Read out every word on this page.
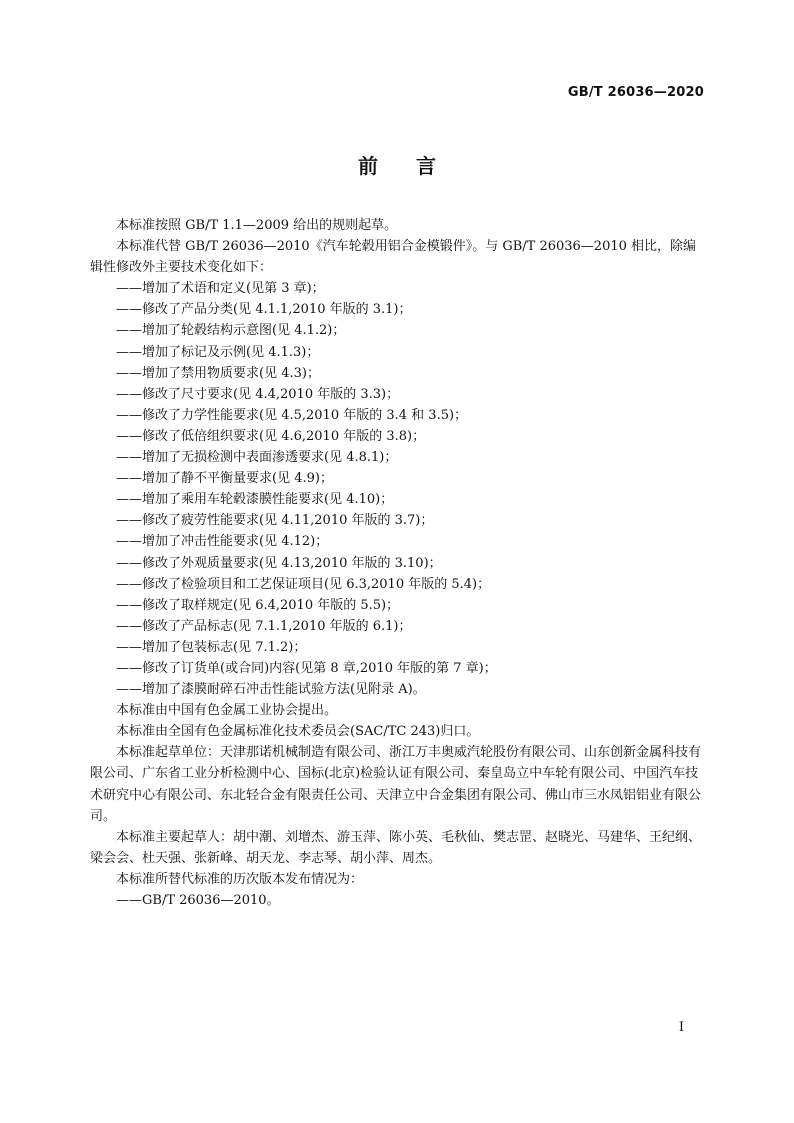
GB/T 26036—2020
前言

本标准按照 GB/T 1.1—2009 给出的规则起草。

本标准代替 GB/T 26036—2010《汽车轮毂用铝合金模锻件》。与 GB/T 26036—2010 相比，除编辑性修改外主要技术变化如下：

——增加了术语和定义(见第 3 章)；

——修改了产品分类(见 4.1.1,2010 年版的 3.1)；

——增加了轮毂结构示意图(见 4.1.2)；

——增加了标记及示例(见 4.1.3)；

——增加了禁用物质要求(见 4.3)；

——修改了尺寸要求(见 4.4,2010 年版的 3.3)；

——修改了力学性能要求(见 4.5,2010 年版的 3.4 和 3.5)；

——修改了低倍组织要求(见 4.6,2010 年版的 3.8)；

——增加了无损检测中表面渗透要求(见 4.8.1)；

——增加了静不平衡量要求(见 4.9)；

——增加了乘用车轮毂漆膜性能要求(见 4.10)；

——修改了疲劳性能要求(见 4.11,2010 年版的 3.7)；

——增加了冲击性能要求(见 4.12)；

——修改了外观质量要求(见 4.13,2010 年版的 3.10)；

——修改了检验项目和工艺保证项目(见 6.3,2010 年版的 5.4)；

——修改了取样规定(见 6.4,2010 年版的 5.5)；

——修改了产品标志(见 7.1.1,2010 年版的 6.1)；

——增加了包装标志(见 7.1.2)；

——修改了订货单(或合同)内容(见第 8 章,2010 年版的第 7 章)；

——增加了漆膜耐碎石冲击性能试验方法(见附录 A)。

本标准由中国有色金属工业协会提出。

本标准由全国有色金属标准化技术委员会(SAC/TC 243)归口。

本标准起草单位：天津那诺机械制造有限公司、浙江万丰奥威汽轮股份有限公司、山东创新金属科技有限公司、广东省工业分析检测中心、国标(北京)检验认证有限公司、秦皇岛立中车轮有限公司、中国汽车技术研究中心有限公司、东北轻合金有限责任公司、天津立中合金集团有限公司、佛山市三水凤铝铝业有限公司。

本标准主要起草人：胡中潮、刘增杰、游玉萍、陈小英、毛秋仙、樊志罡、赵晓光、马建华、王纪纲、梁会会、杜天强、张新峰、胡天龙、李志琴、胡小萍、周杰。

本标准所替代标准的历次版本发布情况为：

——GB/T 26036—2010。

I
